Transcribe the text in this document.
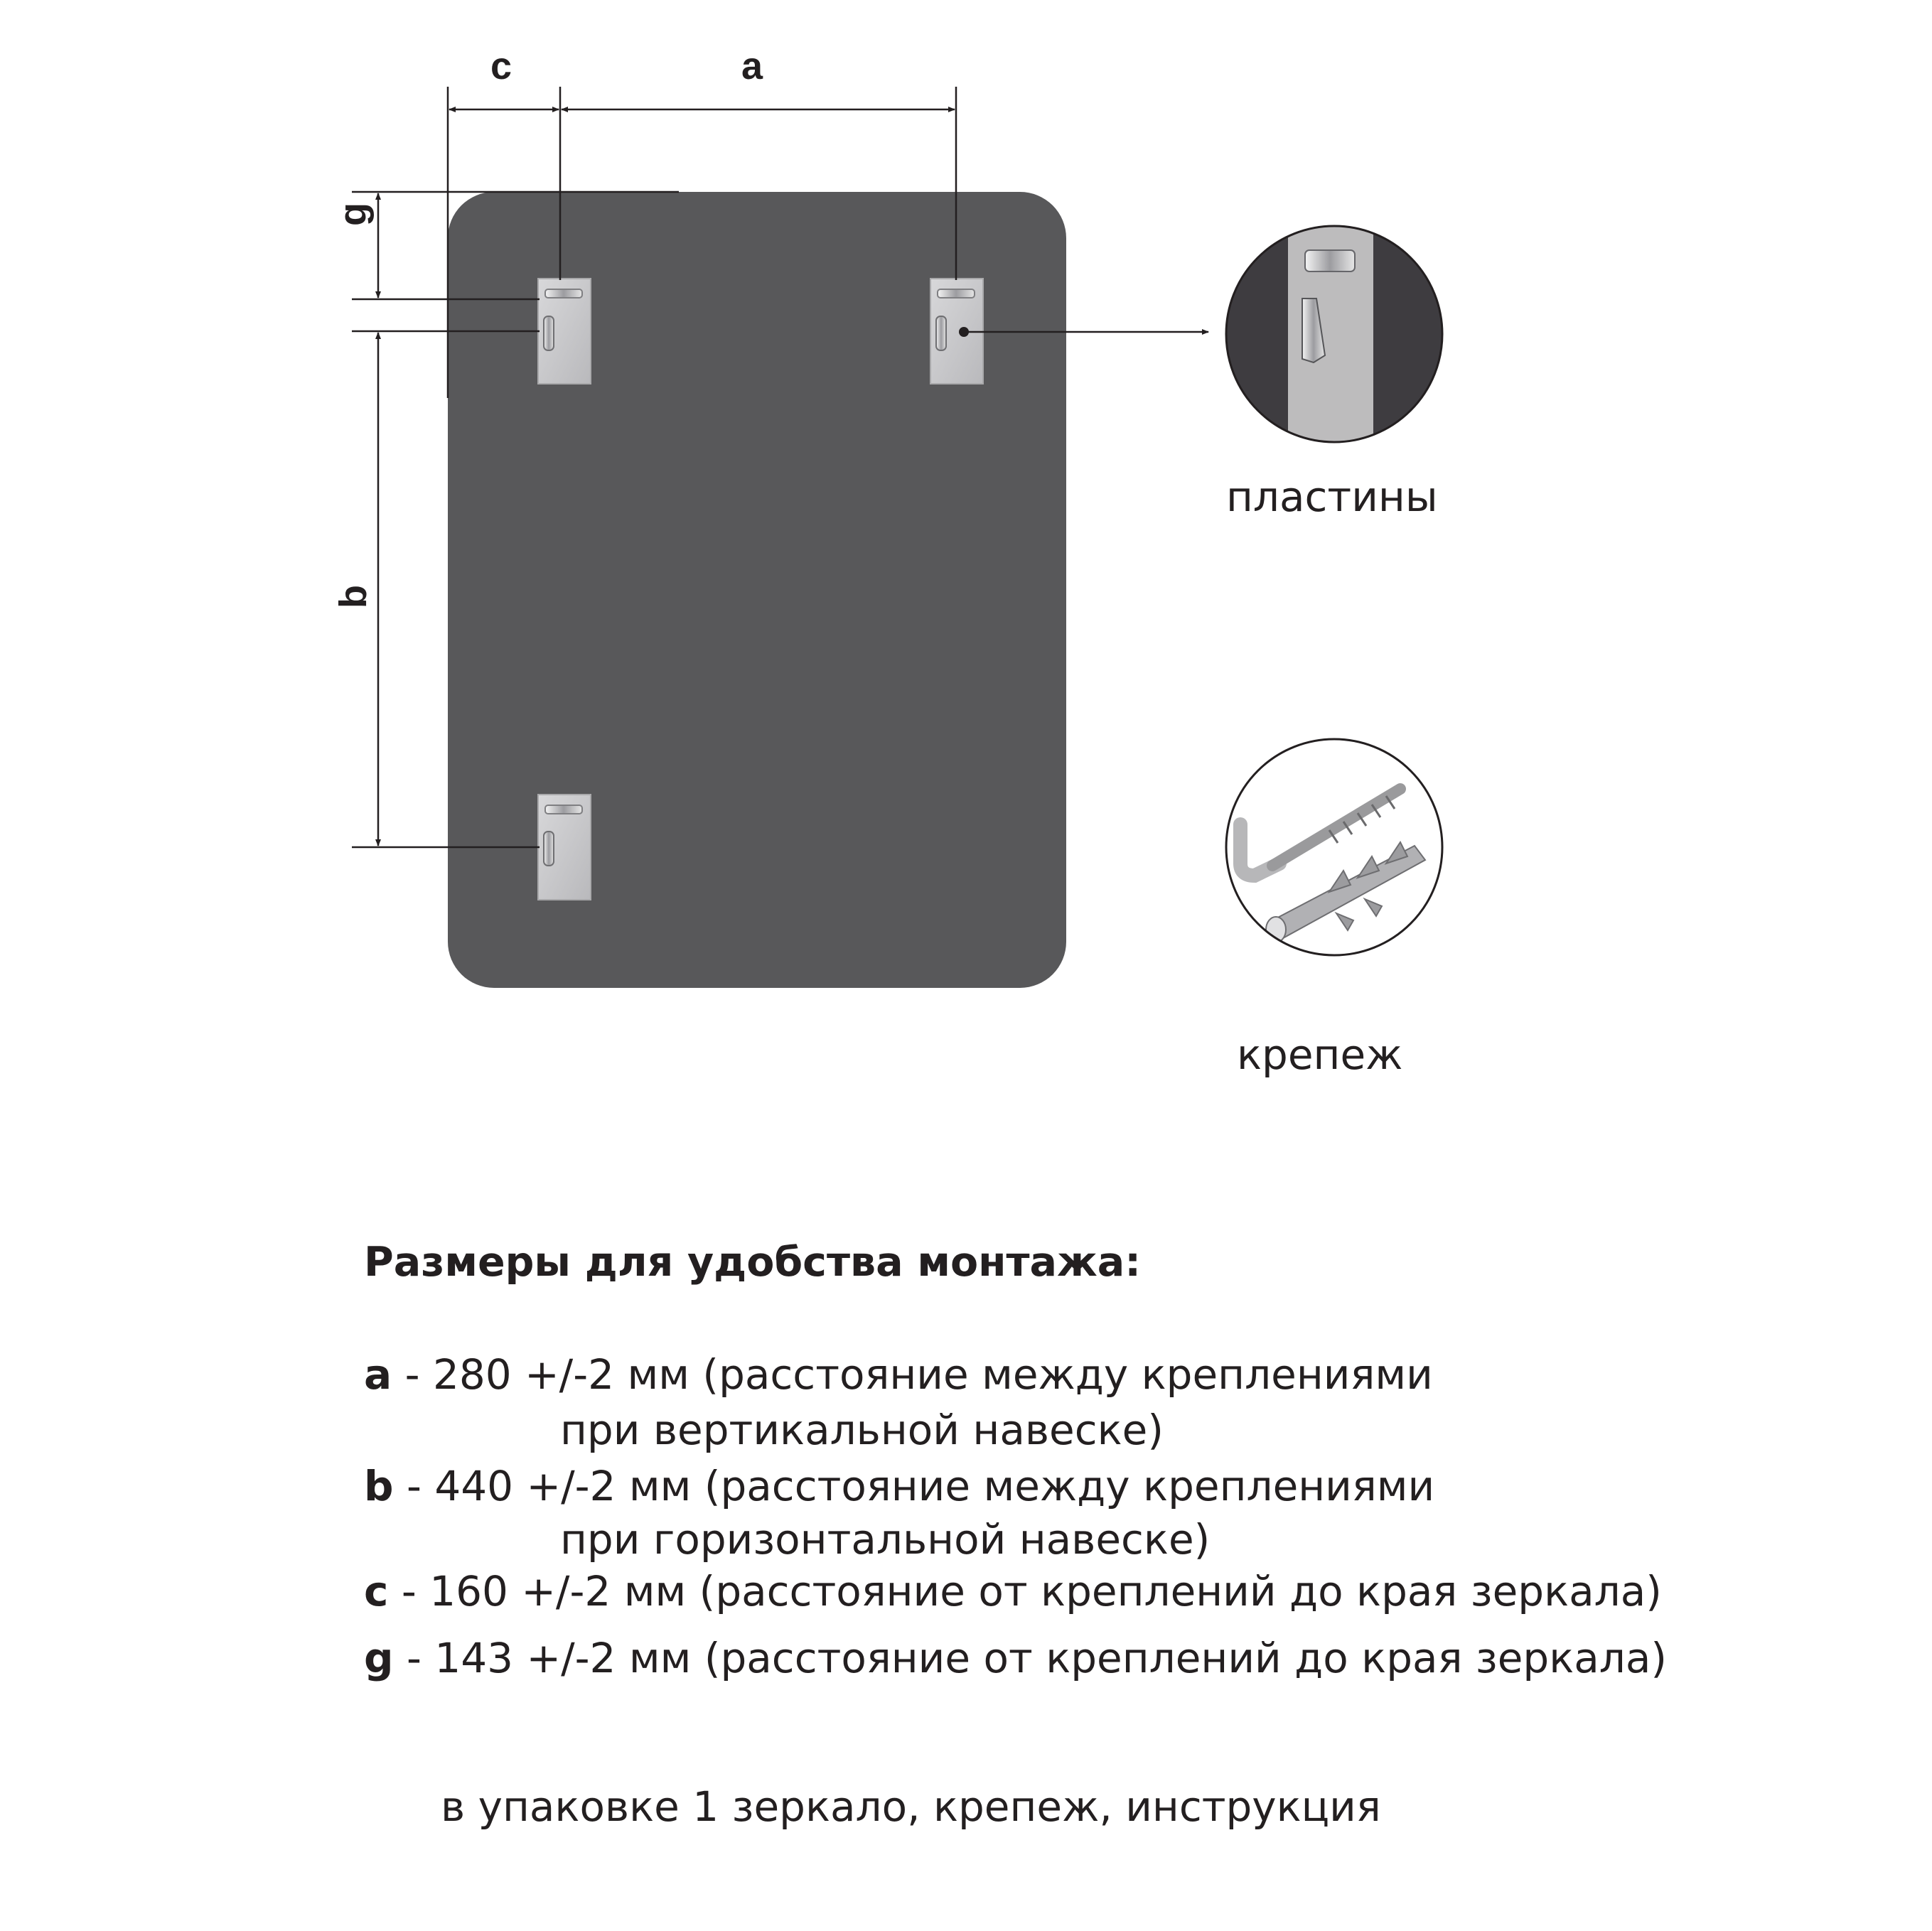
c	a
g
b
пластины
крепеж
Размеры для удобства монтажа:
a - 280 +/-2 мм (расстояние между креплениями
при вертикальной навеске)
b - 440 +/-2 мм (расстояние между креплениями
при горизонтальной навеске)
c - 160 +/-2 мм (расстояние от креплений до края зеркала)
g - 143 +/-2 мм (расстояние от креплений до края зеркала)
в упаковке 1 зеркало, крепеж, инструкция
